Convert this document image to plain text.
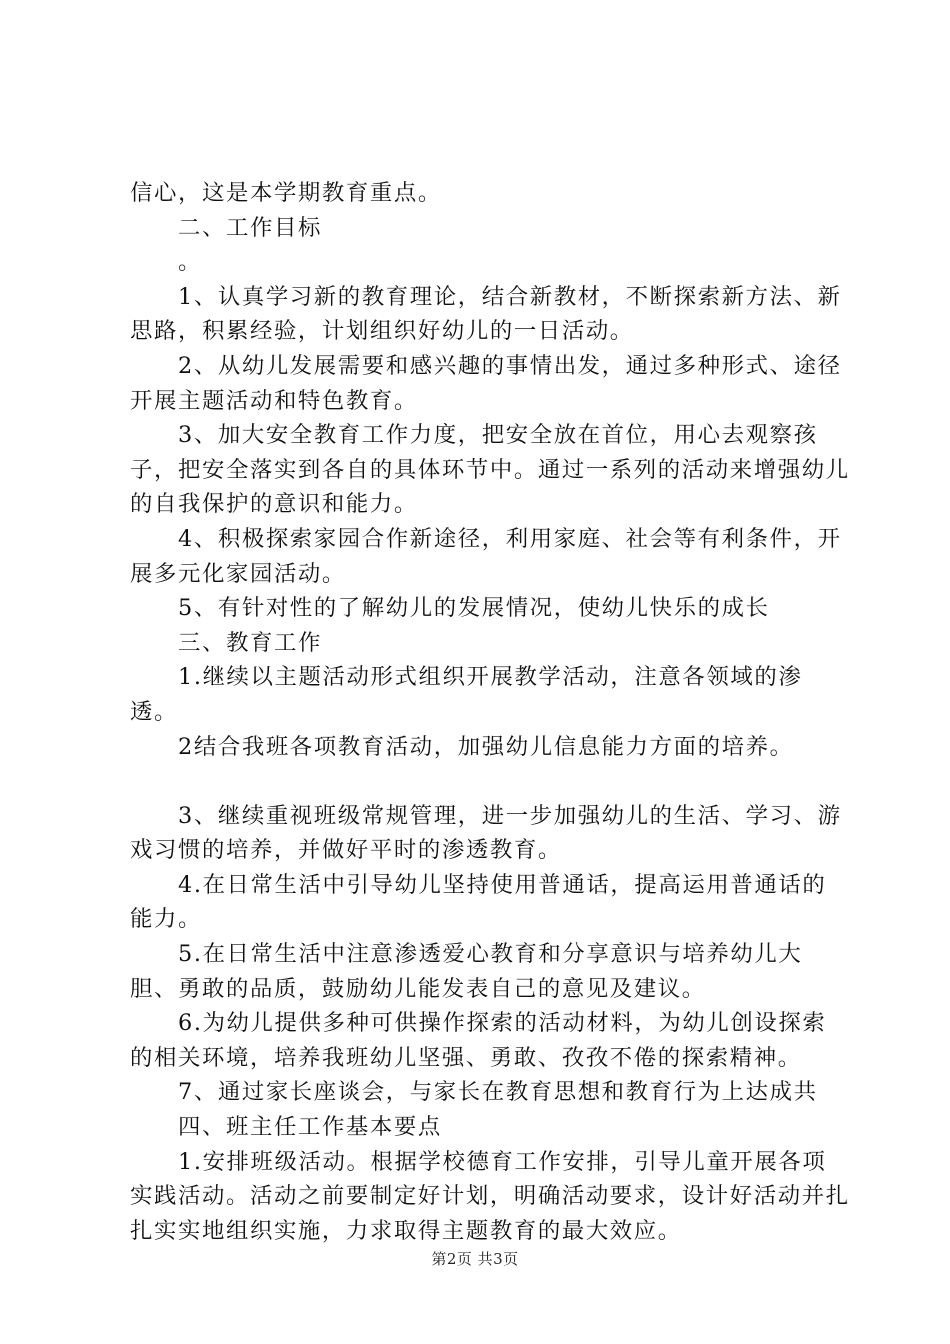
信心，这是本学期教育重点。

二、工作目标

。

1、认真学习新的教育理论，结合新教材，不断探索新方法、新思路，积累经验，计划组织好幼儿的一日活动。

2、从幼儿发展需要和感兴趣的事情出发，通过多种形式、途径开展主题活动和特色教育。

3、加大安全教育工作力度，把安全放在首位，用心去观察孩子，把安全落实到各自的具体环节中。通过一系列的活动来增强幼儿的自我保护的意识和能力。

4、积极探索家园合作新途径，利用家庭、社会等有利条件，开展多元化家园活动。

5、有针对性的了解幼儿的发展情况，使幼儿快乐的成长

三、教育工作

1.继续以主题活动形式组织开展教学活动，注意各领域的渗透。

2结合我班各项教育活动，加强幼儿信息能力方面的培养。

3、继续重视班级常规管理，进一步加强幼儿的生活、学习、游戏习惯的培养，并做好平时的渗透教育。

4.在日常生活中引导幼儿坚持使用普通话，提高运用普通话的能力。

5.在日常生活中注意渗透爱心教育和分享意识与培养幼儿大胆、勇敢的品质，鼓励幼儿能发表自己的意见及建议。

6.为幼儿提供多种可供操作探索的活动材料，为幼儿创设探索的相关环境，培养我班幼儿坚强、勇敢、孜孜不倦的探索精神。

7、通过家长座谈会，与家长在教育思想和教育行为上达成共

四、班主任工作基本要点

1.安排班级活动。根据学校德育工作安排，引导儿童开展各项实践活动。活动之前要制定好计划，明确活动要求，设计好活动并扎扎实实地组织实施，力求取得主题教育的最大效应。

第2页 共3页
